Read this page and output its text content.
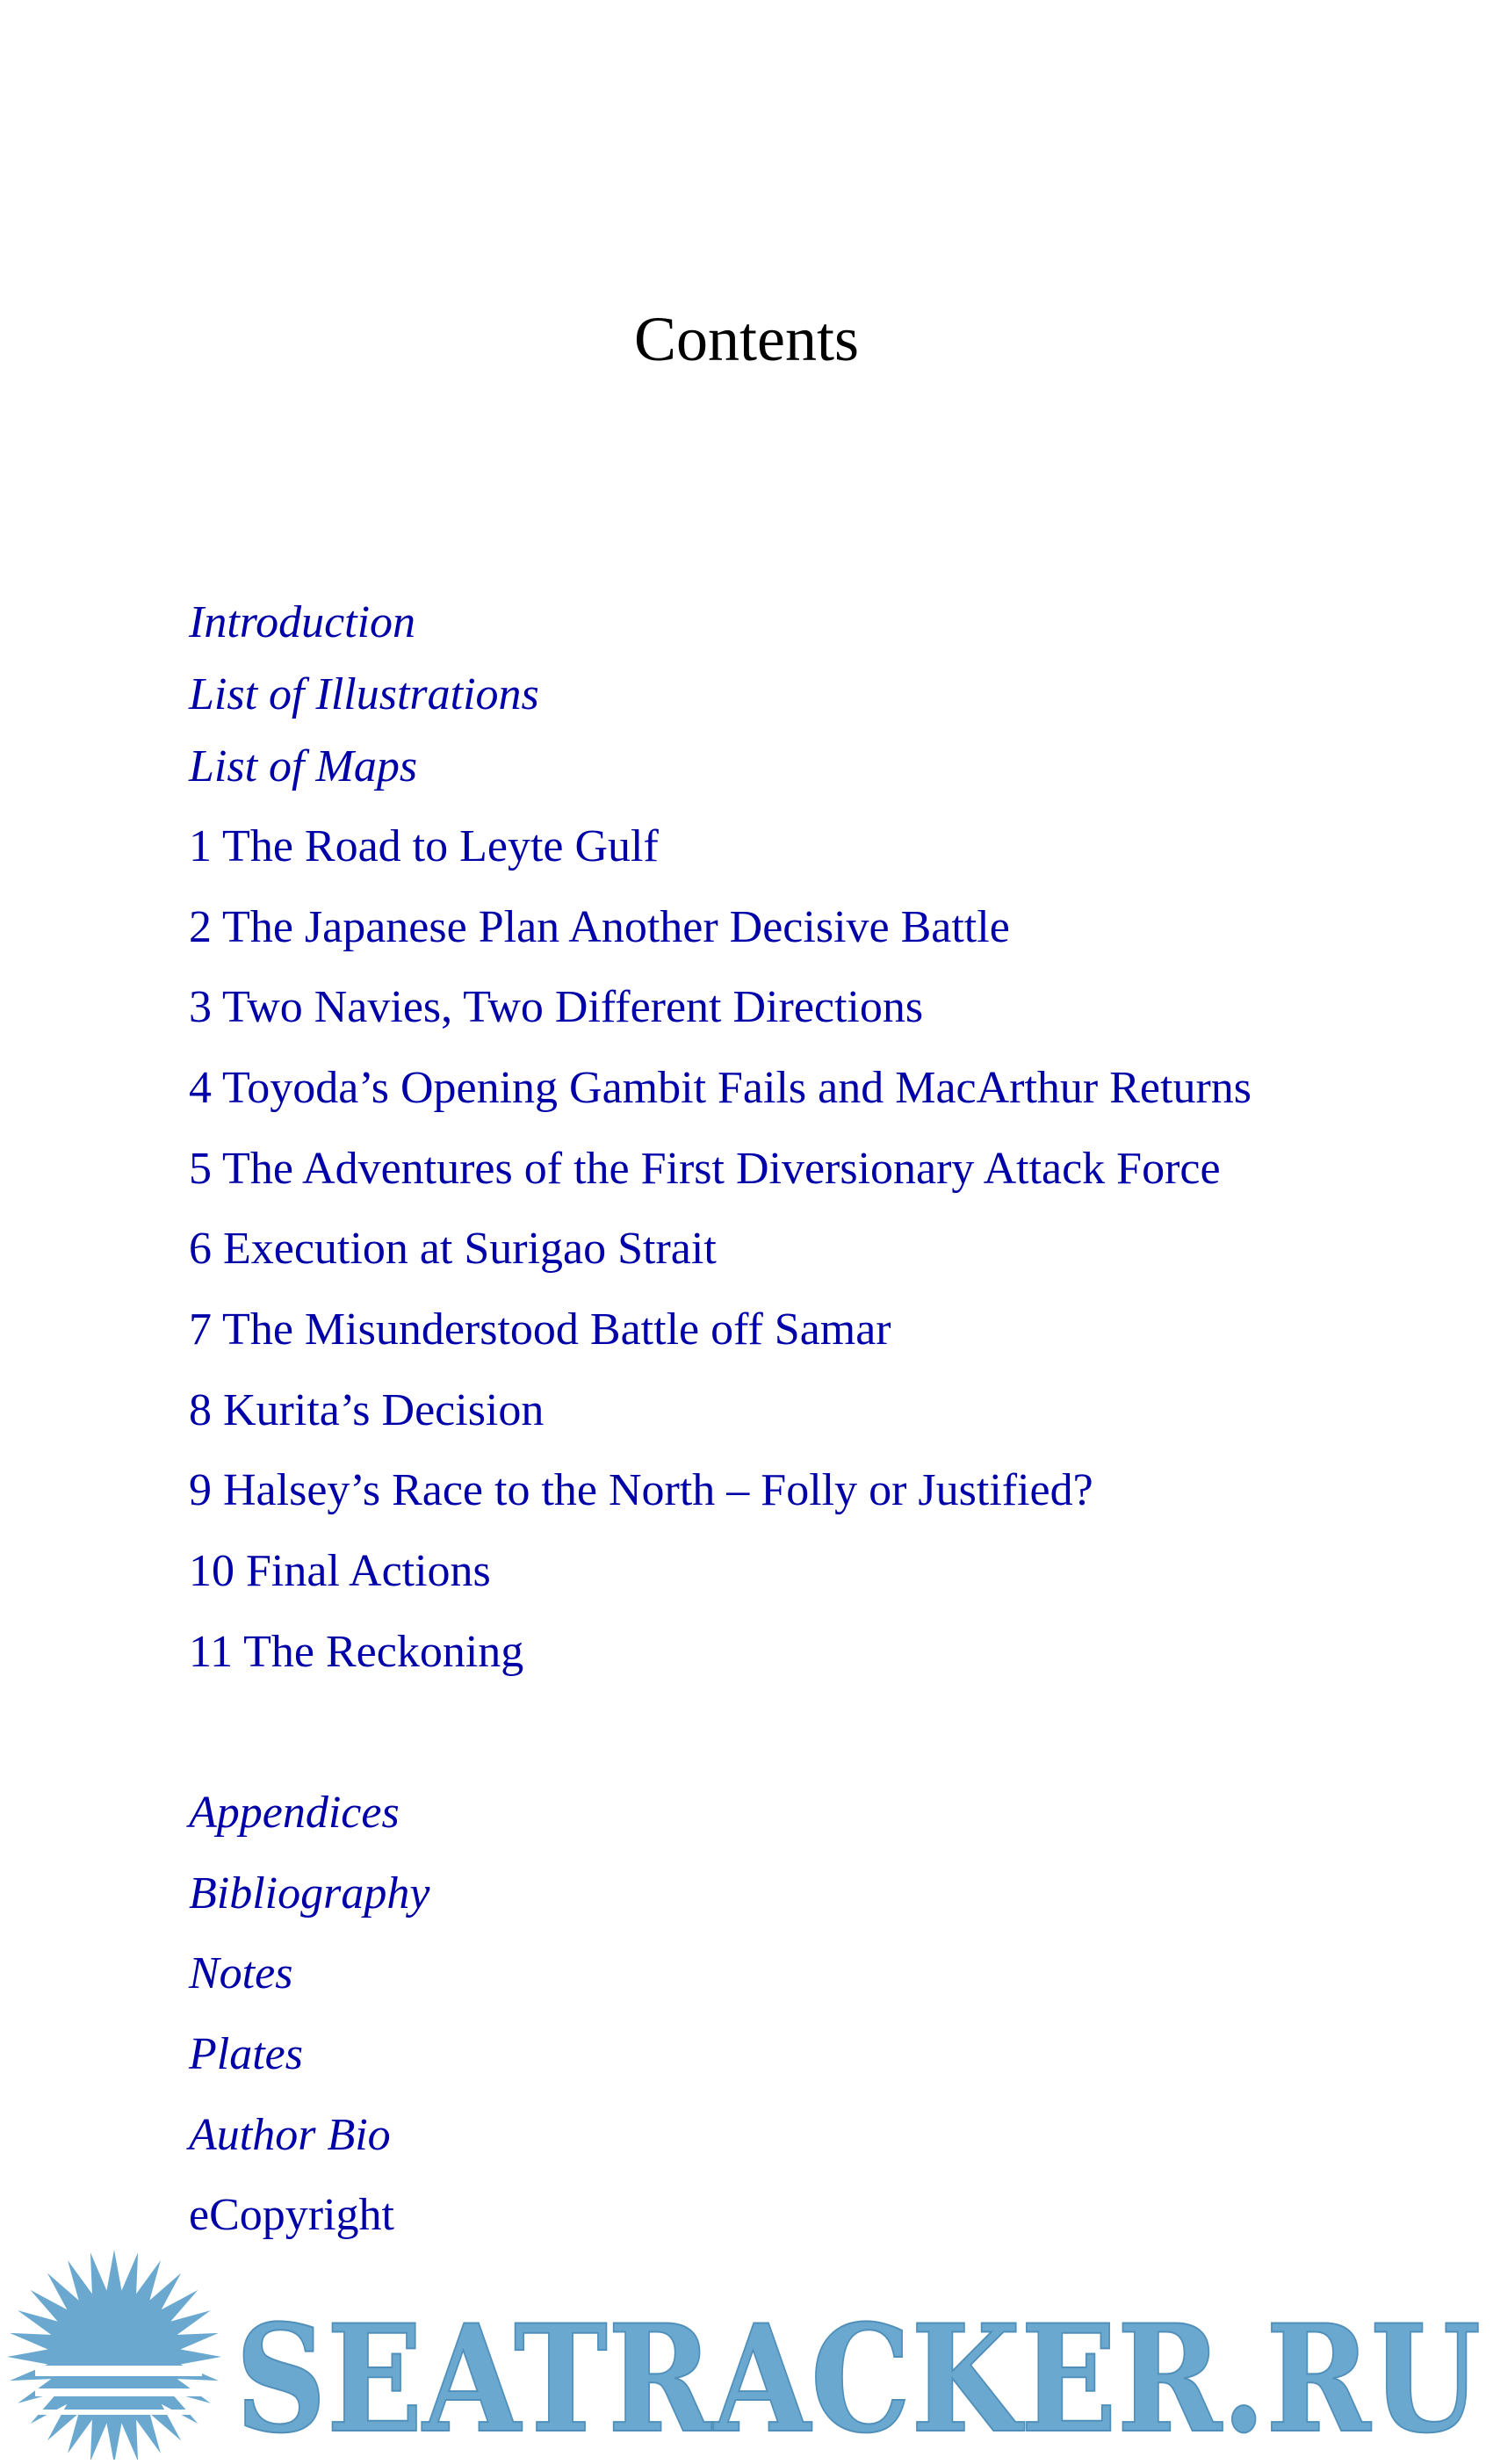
Contents
Introduction
List of Illustrations
List of Maps
1 The Road to Leyte Gulf
2 The Japanese Plan Another Decisive Battle
3 Two Navies, Two Different Directions
4 Toyoda’s Opening Gambit Fails and MacArthur Returns
5 The Adventures of the First Diversionary Attack Force
6 Execution at Surigao Strait
7 The Misunderstood Battle off Samar
8 Kurita’s Decision
9 Halsey’s Race to the North – Folly or Justified?
10 Final Actions
11 The Reckoning
Appendices
Bibliography
Notes
Plates
Author Bio
eCopyright
SEATRACKER.RU
